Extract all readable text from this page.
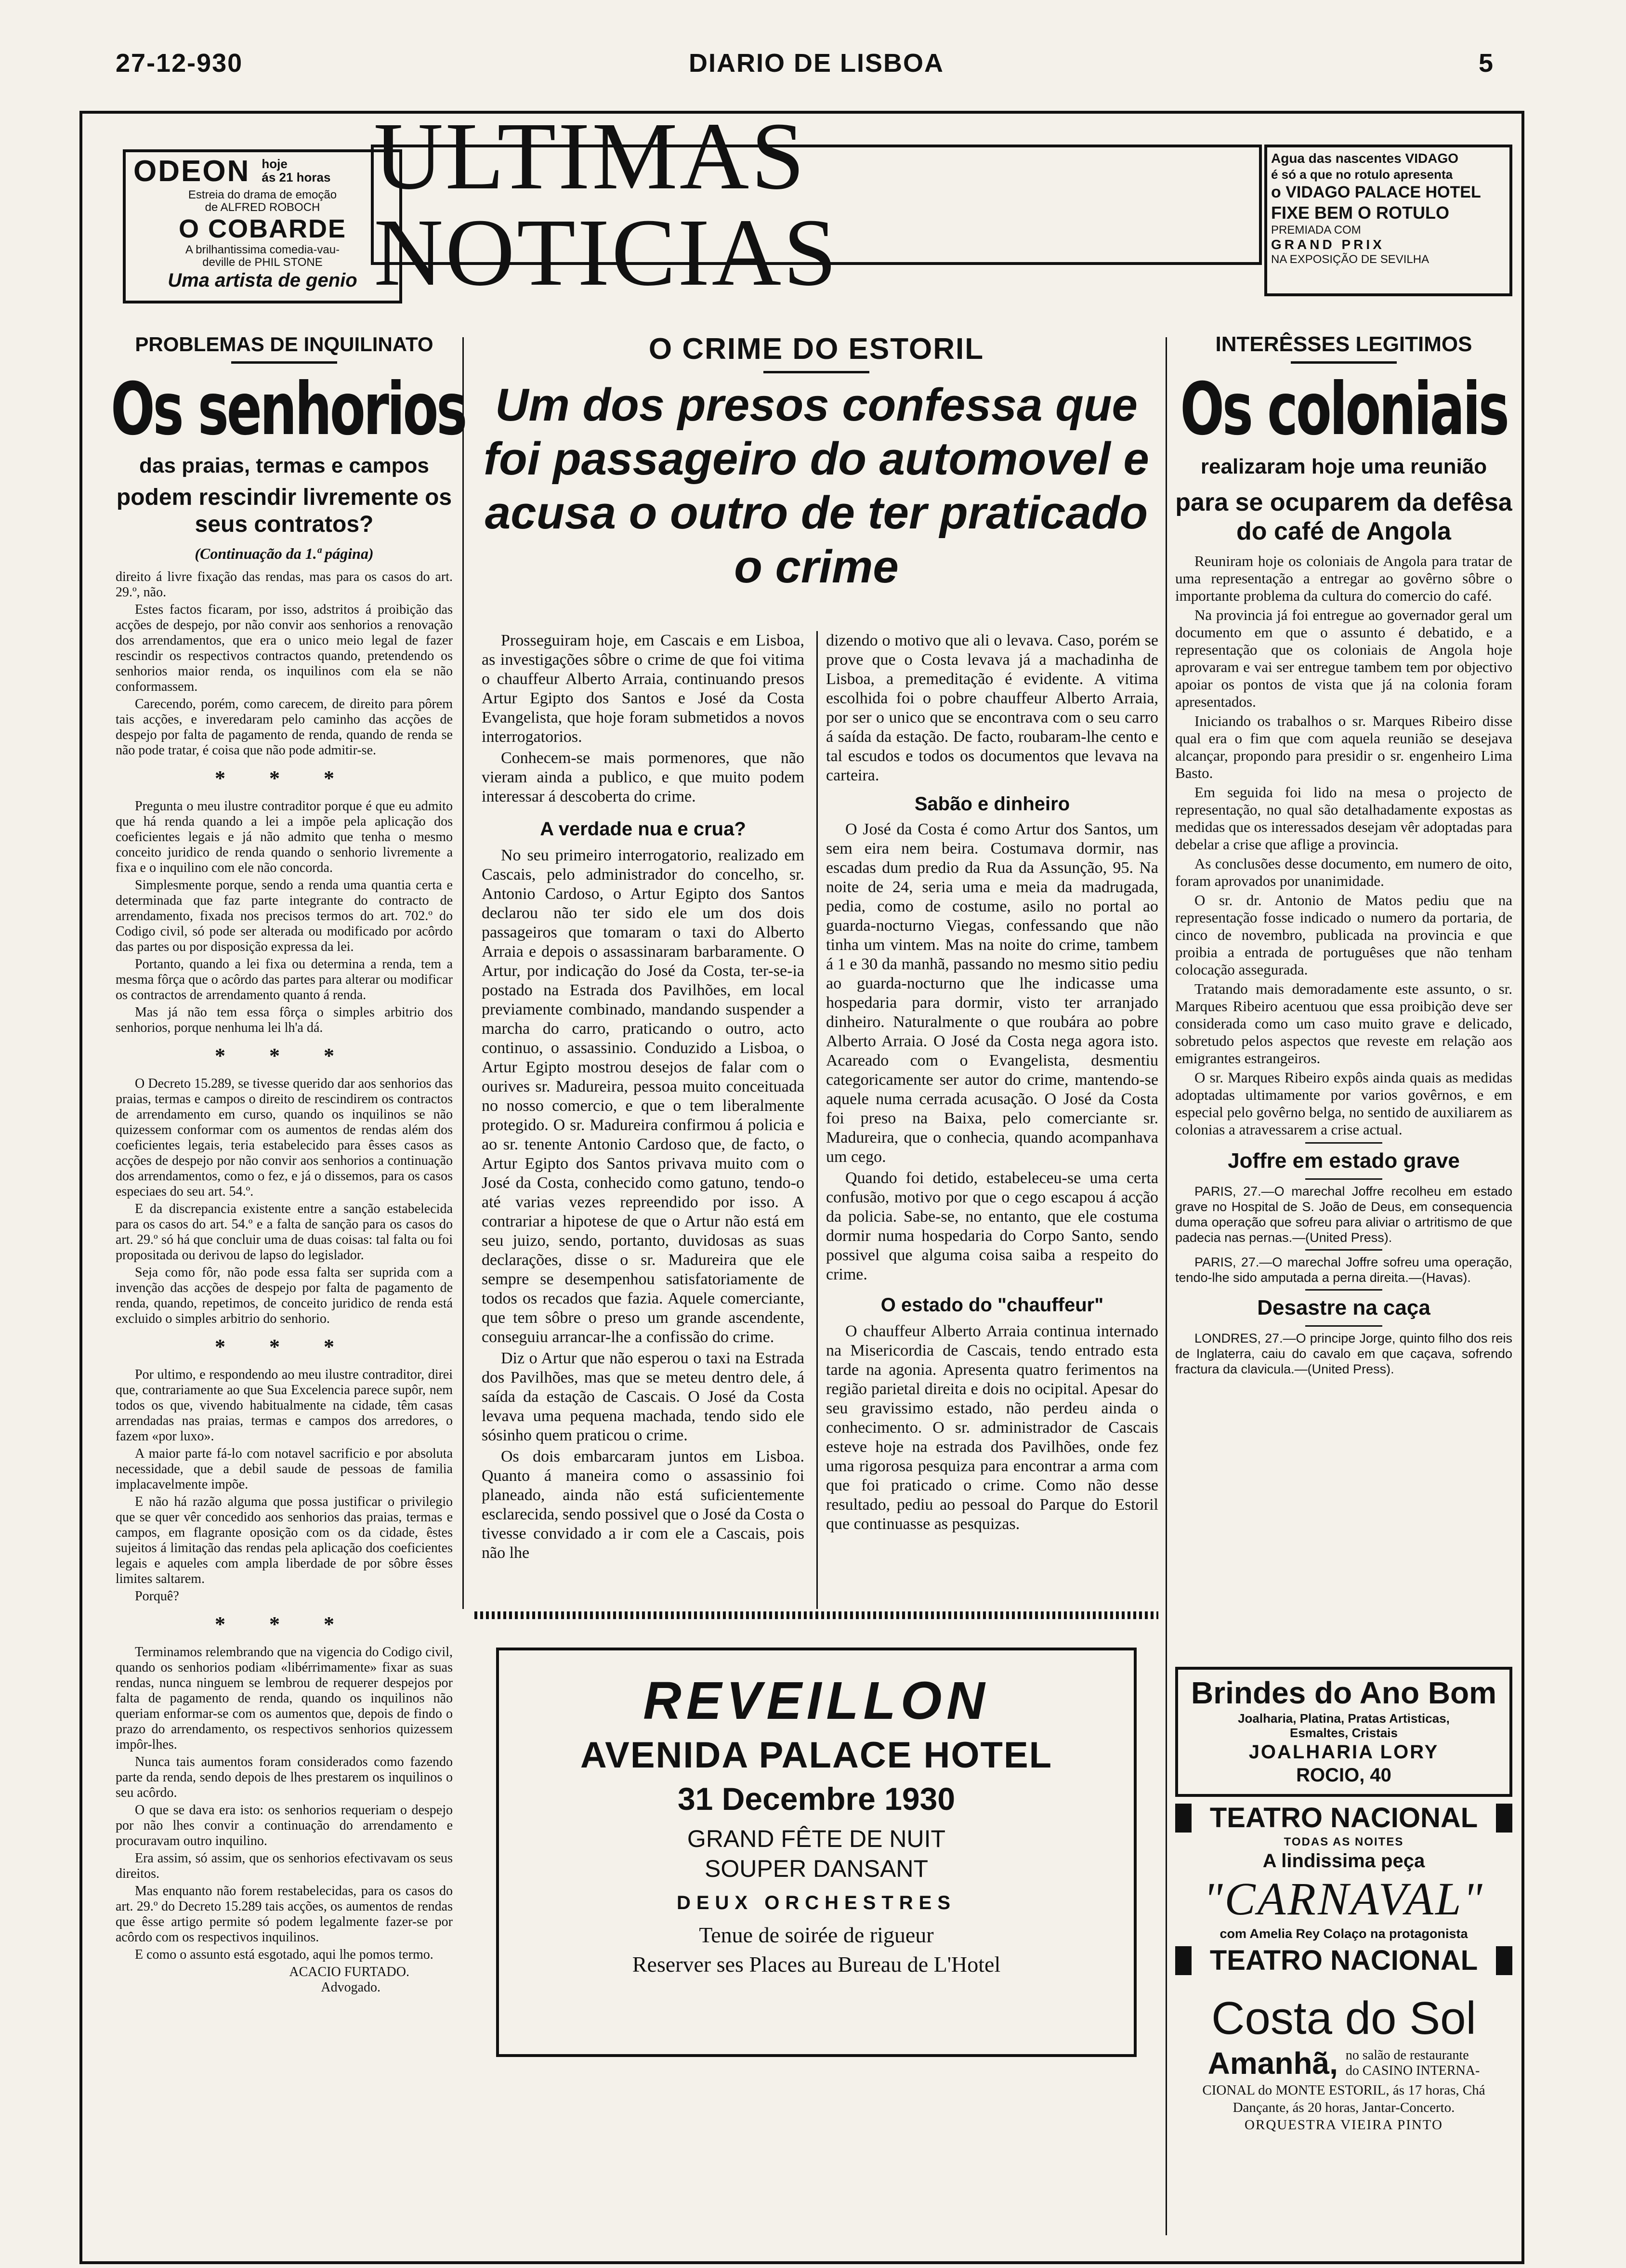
27-12-930	DIARIO DE LISBOA	5
ODEON hoje
ás 21 horas
Estreia do drama de emoção
de ALFRED ROBOCH
O COBARDE
A brilhantissima comedia-vau-
deville de PHIL STONE
Uma artista de genio
ULTIMAS NOTICIAS
Agua das nascentes VIDAGO
é só a que no rotulo apresenta
o VIDAGO PALACE HOTEL
FIXE BEM O ROTULO
PREMIADA COM
GRAND PRIX
NA EXPOSIÇÃO DE SEVILHA
PROBLEMAS DE INQUILINATO
Os senhorios
das praias, termas e campos
podem rescindir livremente os seus contratos?
(Continuação da 1.ª página)

direito á livre fixação das rendas, mas para os casos do art. 29.º, não.

Estes factos ficaram, por isso, adstritos á proibição das acções de despejo, por não convir aos senhorios a renovação dos arrendamentos, que era o unico meio legal de fazer rescindir os respectivos contractos quando, pretendendo os senhorios maior renda, os inquilinos com ela se não conformassem.

Carecendo, porém, como carecem, de direito para pôrem tais acções, e inveredaram pelo caminho das acções de despejo por falta de pagamento de renda, quando de renda se não pode tratar, é coisa que não pode admitir-se.

* * *

Pregunta o meu ilustre contraditor porque é que eu admito que há renda quando a lei a impõe pela aplicação dos coeficientes legais e já não admito que tenha o mesmo conceito juridico de renda quando o senhorio livremente a fixa e o inquilino com ele não concorda.

Simplesmente porque, sendo a renda uma quantia certa e determinada que faz parte integrante do contracto de arrendamento, fixada nos precisos termos do art. 702.º do Codigo civil, só pode ser alterada ou modificado por acôrdo das partes ou por disposição expressa da lei.

Portanto, quando a lei fixa ou determina a renda, tem a mesma fôrça que o acôrdo das partes para alterar ou modificar os contractos de arrendamento quanto á renda.

Mas já não tem essa fôrça o simples arbitrio dos senhorios, porque nenhuma lei lh'a dá.

* * *

O Decreto 15.289, se tivesse querido dar aos senhorios das praias, termas e campos o direito de rescindirem os contractos de arrendamento em curso, quando os inquilinos se não quizessem conformar com os aumentos de rendas além dos coeficientes legais, teria estabelecido para êsses casos as acções de despejo por não convir aos senhorios a continuação dos arrendamentos, como o fez, e já o dissemos, para os casos especiaes do seu art. 54.º.

E da discrepancia existente entre a sanção estabelecida para os casos do art. 54.º e a falta de sanção para os casos do art. 29.º só há que concluir uma de duas coisas: tal falta ou foi propositada ou derivou de lapso do legislador.

Seja como fôr, não pode essa falta ser suprida com a invenção das acções de despejo por falta de pagamento de renda, quando, repetimos, de conceito juridico de renda está excluido o simples arbitrio do senhorio.

* * *

Por ultimo, e respondendo ao meu ilustre contraditor, direi que, contrariamente ao que Sua Excelencia parece supôr, nem todos os que, vivendo habitualmente na cidade, têm casas arrendadas nas praias, termas e campos dos arredores, o fazem «por luxo».

A maior parte fá-lo com notavel sacrificio e por absoluta necessidade, que a debil saude de pessoas de familia implacavelmente impõe.

E não há razão alguma que possa justificar o privilegio que se quer vêr concedido aos senhorios das praias, termas e campos, em flagrante oposição com os da cidade, êstes sujeitos á limitação das rendas pela aplicação dos coeficientes legais e aqueles com ampla liberdade de por sôbre êsses limites saltarem.

Porquê?

* * *

Terminamos relembrando que na vigencia do Codigo civil, quando os senhorios podiam «libérrimamente» fixar as suas rendas, nunca ninguem se lembrou de requerer despejos por falta de pagamento de renda, quando os inquilinos não queriam enformar-se com os aumentos que, depois de findo o prazo do arrendamento, os respectivos senhorios quizessem impôr-lhes.

Nunca tais aumentos foram considerados como fazendo parte da renda, sendo depois de lhes prestarem os inquilinos o seu acôrdo.

O que se dava era isto: os senhorios requeriam o despejo por não lhes convir a continuação do arrendamento e procuravam outro inquilino.

Era assim, só assim, que os senhorios efectivavam os seus direitos.

Mas enquanto não forem restabelecidas, para os casos do art. 29.º do Decreto 15.289 tais acções, os aumentos de rendas que êsse artigo permite só podem legalmente fazer-se por acôrdo com os respectivos inquilinos.

E como o assunto está esgotado, aqui lhe pomos termo.

ACACIO FURTADO.
Advogado.
O CRIME DO ESTORIL
Um dos presos confessa que foi passageiro do automovel e acusa o outro de ter praticado o crime

Prosseguiram hoje, em Cascais e em Lisboa, as investigações sôbre o crime de que foi vitima o chauffeur Alberto Arraia, continuando presos Artur Egipto dos Santos e José da Costa Evangelista, que hoje foram submetidos a novos interrogatorios.

Conhecem-se mais pormenores, que não vieram ainda a publico, e que muito podem interessar á descoberta do crime.

A verdade nua e crua?

No seu primeiro interrogatorio, realizado em Cascais, pelo administrador do concelho, sr. Antonio Cardoso, o Artur Egipto dos Santos declarou não ter sido ele um dos dois passageiros que tomaram o taxi do Alberto Arraia e depois o assassinaram barbaramente. O Artur, por indicação do José da Costa, ter-se-ia postado na Estrada dos Pavilhões, em local previamente combinado, mandando suspender a marcha do carro, praticando o outro, acto continuo, o assassinio. Conduzido a Lisboa, o Artur Egipto mostrou desejos de falar com o ourives sr. Madureira, pessoa muito conceituada no nosso comercio, e que o tem liberalmente protegido. O sr. Madureira confirmou á policia e ao sr. tenente Antonio Cardoso que, de facto, o Artur Egipto dos Santos privava muito com o José da Costa, conhecido como gatuno, tendo-o até varias vezes repreendido por isso. A contrariar a hipotese de que o Artur não está em seu juizo, sendo, portanto, duvidosas as suas declarações, disse o sr. Madureira que ele sempre se desempenhou satisfatoriamente de todos os recados que fazia. Aquele comerciante, que tem sôbre o preso um grande ascendente, conseguiu arrancar-lhe a confissão do crime.

Diz o Artur que não esperou o taxi na Estrada dos Pavilhões, mas que se meteu dentro dele, á saída da estação de Cascais. O José da Costa levava uma pequena machada, tendo sido ele sósinho quem praticou o crime.

Os dois embarcaram juntos em Lisboa. Quanto á maneira como o assassinio foi planeado, ainda não está suficientemente esclarecida, sendo possivel que o José da Costa o tivesse convidado a ir com ele a Cascais, pois não lhe

dizendo o motivo que ali o levava. Caso, porém se prove que o Costa levava já a machadinha de Lisboa, a premeditação é evidente. A vitima escolhida foi o pobre chauffeur Alberto Arraia, por ser o unico que se encontrava com o seu carro á saída da estação. De facto, roubaram-lhe cento e tal escudos e todos os documentos que levava na carteira.

Sabão e dinheiro

O José da Costa é como Artur dos Santos, um sem eira nem beira. Costumava dormir, nas escadas dum predio da Rua da Assunção, 95. Na noite de 24, seria uma e meia da madrugada, pedia, como de costume, asilo no portal ao guarda-nocturno Viegas, confessando que não tinha um vintem. Mas na noite do crime, tambem á 1 e 30 da manhã, passando no mesmo sitio pediu ao guarda-nocturno que lhe indicasse uma hospedaria para dormir, visto ter arranjado dinheiro. Naturalmente o que roubára ao pobre Alberto Arraia. O José da Costa nega agora isto. Acareado com o Evangelista, desmentiu categoricamente ser autor do crime, mantendo-se aquele numa cerrada acusação. O José da Costa foi preso na Baixa, pelo comerciante sr. Madureira, que o conhecia, quando acompanhava um cego.

Quando foi detido, estabeleceu-se uma certa confusão, motivo por que o cego escapou á acção da policia. Sabe-se, no entanto, que ele costuma dormir numa hospedaria do Corpo Santo, sendo possivel que alguma coisa saiba a respeito do crime.

O estado do "chauffeur"

O chauffeur Alberto Arraia continua internado na Misericordia de Cascais, tendo entrado esta tarde na agonia. Apresenta quatro ferimentos na região parietal direita e dois no ocipital. Apesar do seu gravissimo estado, não perdeu ainda o conhecimento. O sr. administrador de Cascais esteve hoje na estrada dos Pavilhões, onde fez uma rigorosa pesquiza para encontrar a arma com que foi praticado o crime. Como não desse resultado, pediu ao pessoal do Parque do Estoril que continuasse as pesquizas.

REVEILLON
AVENIDA PALACE HOTEL
31 Decembre 1930
GRAND FÊTE DE NUIT
SOUPER DANSANT
DEUX ORCHESTRES
Tenue de soirée de rigueur
Reserver ses Places au Bureau de L'Hotel
INTERÊSSES LEGITIMOS
Os coloniais
realizaram hoje uma reunião
para se ocuparem da defêsa do café de Angola

Reuniram hoje os coloniais de Angola para tratar de uma representação a entregar ao govêrno sôbre o importante problema da cultura do comercio do café.

Na provincia já foi entregue ao governador geral um documento em que o assunto é debatido, e a representação que os coloniais de Angola hoje aprovaram e vai ser entregue tambem tem por objectivo apoiar os pontos de vista que já na colonia foram apresentados.

Iniciando os trabalhos o sr. Marques Ribeiro disse qual era o fim que com aquela reunião se desejava alcançar, propondo para presidir o sr. engenheiro Lima Basto.

Em seguida foi lido na mesa o projecto de representação, no qual são detalhadamente expostas as medidas que os interessados desejam vêr adoptadas para debelar a crise que aflige a provincia.

As conclusões desse documento, em numero de oito, foram aprovados por unanimidade.

O sr. dr. Antonio de Matos pediu que na representação fosse indicado o numero da portaria, de cinco de novembro, publicada na provincia e que proibia a entrada de portuguêses que não tenham colocação assegurada.

Tratando mais demoradamente este assunto, o sr. Marques Ribeiro acentuou que essa proibição deve ser considerada como um caso muito grave e delicado, sobretudo pelos aspectos que reveste em relação aos emigrantes estrangeiros.

O sr. Marques Ribeiro expôs ainda quais as medidas adoptadas ultimamente por varios govêrnos, e em especial pelo govêrno belga, no sentido de auxiliarem as colonias a atravessarem a crise actual.

Joffre em estado grave

PARIS, 27.—O marechal Joffre recolheu em estado grave no Hospital de S. João de Deus, em consequencia duma operação que sofreu para aliviar o artritismo de que padecia nas pernas.—(United Press).

PARIS, 27.—O marechal Joffre sofreu uma operação, tendo-lhe sido amputada a perna direita.—(Havas).

Desastre na caça

LONDRES, 27.—O principe Jorge, quinto filho dos reis de Inglaterra, caiu do cavalo em que caçava, sofrendo fractura da clavicula.—(United Press).

Brindes do Ano Bom
Joalharia, Platina, Pratas Artisticas,
Esmaltes, Cristais
JOALHARIA LORY
ROCIO, 40
TEATRO NACIONAL
TODAS AS NOITES
A lindissima peça
"CARNAVAL"
com Amelia Rey Colaço na protagonista
TEATRO NACIONAL
Costa do Sol
Amanhã, no salão de restaurante
do CASINO INTERNA-
CIONAL do MONTE ESTORIL, ás 17 horas, Chá
Dançante, ás 20 horas, Jantar-Concerto.
ORQUESTRA VIEIRA PINTO
